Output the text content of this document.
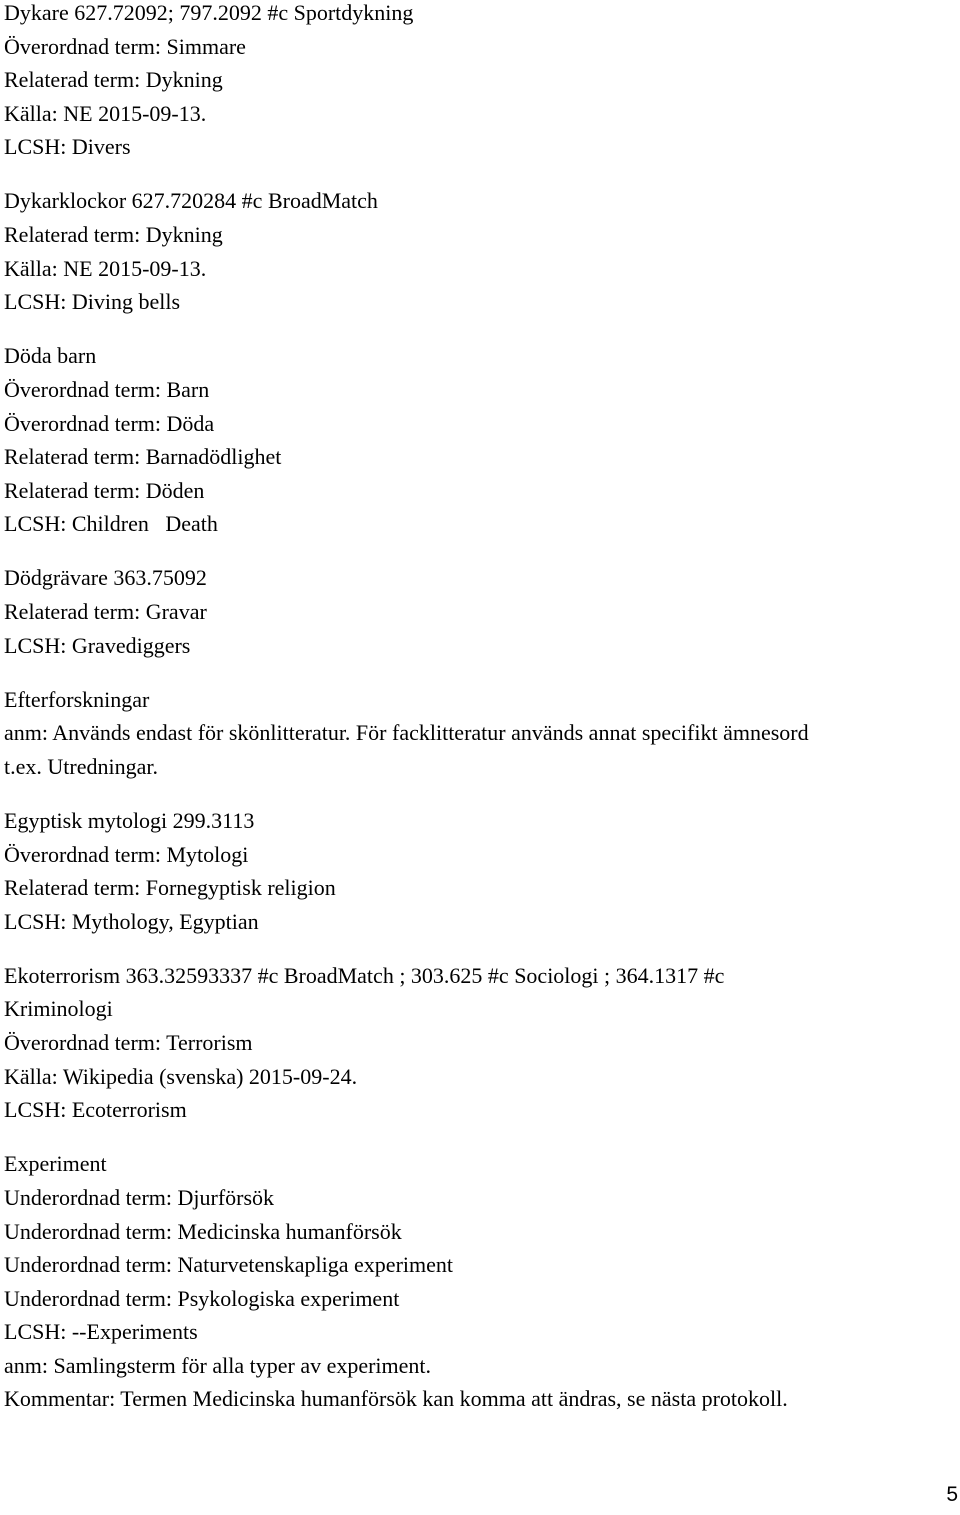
Dykare 627.72092; 797.2092 #c Sportdykning
Överordnad term: Simmare
Relaterad term: Dykning
Källa: NE 2015-09-13.
LCSH: Divers
Dykarklockor 627.720284 #c BroadMatch
Relaterad term: Dykning
Källa: NE 2015-09-13.
LCSH: Diving bells
Döda barn
Överordnad term: Barn
Överordnad term: Döda
Relaterad term: Barnadödlighet
Relaterad term: Döden
LCSH: Children   Death
Dödgrävare 363.75092
Relaterad term: Gravar
LCSH: Gravediggers
Efterforskningar
anm: Används endast för skönlitteratur. För facklitteratur används annat specifikt ämnesord
t.ex. Utredningar.
Egyptisk mytologi 299.3113
Överordnad term: Mytologi
Relaterad term: Fornegyptisk religion
LCSH: Mythology, Egyptian
Ekoterrorism 363.32593337 #c BroadMatch ; 303.625 #c Sociologi ; 364.1317 #c
Kriminologi
Överordnad term: Terrorism
Källa: Wikipedia (svenska) 2015-09-24.
LCSH: Ecoterrorism
Experiment
Underordnad term: Djurförsök
Underordnad term: Medicinska humanförsök
Underordnad term: Naturvetenskapliga experiment
Underordnad term: Psykologiska experiment
LCSH: --Experiments
anm: Samlingsterm för alla typer av experiment.
Kommentar: Termen Medicinska humanförsök kan komma att ändras, se nästa protokoll.
5
